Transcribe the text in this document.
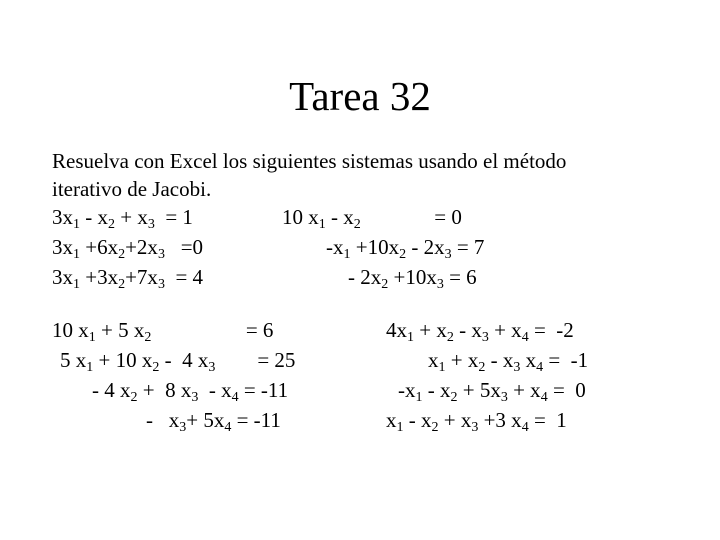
Tarea 32
Resuelva con Excel los siguientes sistemas usando el método
iterativo de Jacobi.
$3x_1 - x_2 + x_3 = 1$
$3x_1 +6x_2+2x_3 =0$
$3x_1 +3x_2+7x_3 = 4$
10 $x_1 - x_2$              = 0
$-x_1 +10x_2 - 2x_3 = 7$
- $2x_2 +10x_3 = 6$
10 $x_1 + 5$ $x_2$                  = 6
5 $x_1 + 10$ $x_2 - 4$ $x_3$        = 25
- 4 $x_2 + 8$ $x_3 - x_4 = -11$
-   $x_3+ 5x_4 = -11$
$4x_1 + x_2 - x_3 + x_4 = -2$
$x_1 + x_2 - x_3$ $x_4 = -1$
$-x_1 - x_2 + 5x_3 + x_4 = 0$
$x_1 - x_2 + x_3 +3$ $x_4 = 1$
